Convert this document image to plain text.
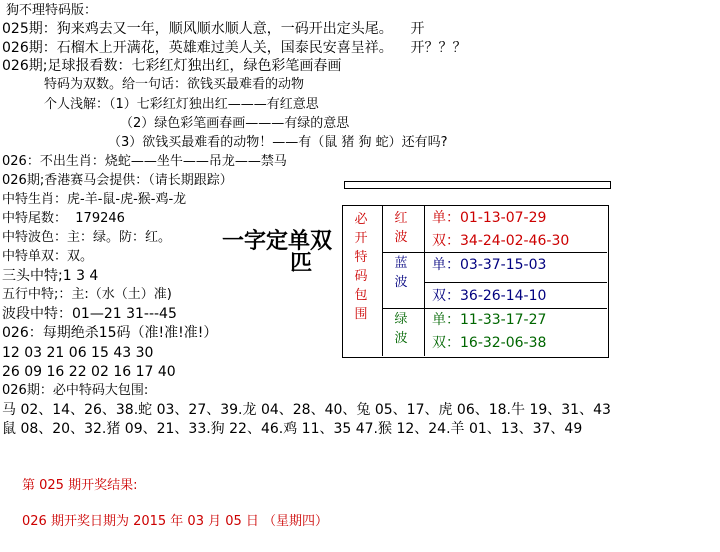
狗不理特码版：
025期：狗来鸡去又一年，顺风顺水顺人意，一码开出定头尾。 开
026期：石榴木上开满花，英雄难过美人关，国泰民安喜呈祥。 开？？？
026期;足球报看数：七彩红灯独出红，绿色彩笔画春画
特码为双数。给一句话：欲钱买最难看的动物
个人浅解：（1）七彩红灯独出红———有红意思
（2）绿色彩笔画春画———有绿的意思
（3）欲钱买最难看的动物！——有（鼠 猪 狗 蛇）还有吗?
026：不出生肖：烧蛇——坐牛——吊龙——禁马
026期;香港赛马会提供：（请长期跟踪）
中特生肖：虎-羊-鼠-虎-猴-鸡-龙
中特尾数： 179246
中特波色：主：绿。防：红。
中特单双：双。
三头中特;1 3 4
五行中特;：主:（水（土）准)
波段中特：01—21 31---45
026：每期绝杀15码（准!准!准!）
12 03 21 06 15 43 30
26 09 16 22 02 16 17 40
026期：必中特码大包围:
马 02、14、26、38.蛇 03、27、39.龙 04、28、40、兔 05、17、虎 06、18.牛 19、31、43
鼠 08、20、32.猪 09、21、33.狗 22、46.鸡 11、35 47.猴 12、24.羊 01、13、37、49
一字定单双
匹
必开特码包围
红波
蓝波
绿波
单：01-13-07-29
双：34-24-02-46-30
单：03-37-15-03
双：36-26-14-10
单：11-33-17-27
双：16-32-06-38
第 025 期开奖结果:
026 期开奖日期为 2015 年 03 月 05 日 （星期四）
